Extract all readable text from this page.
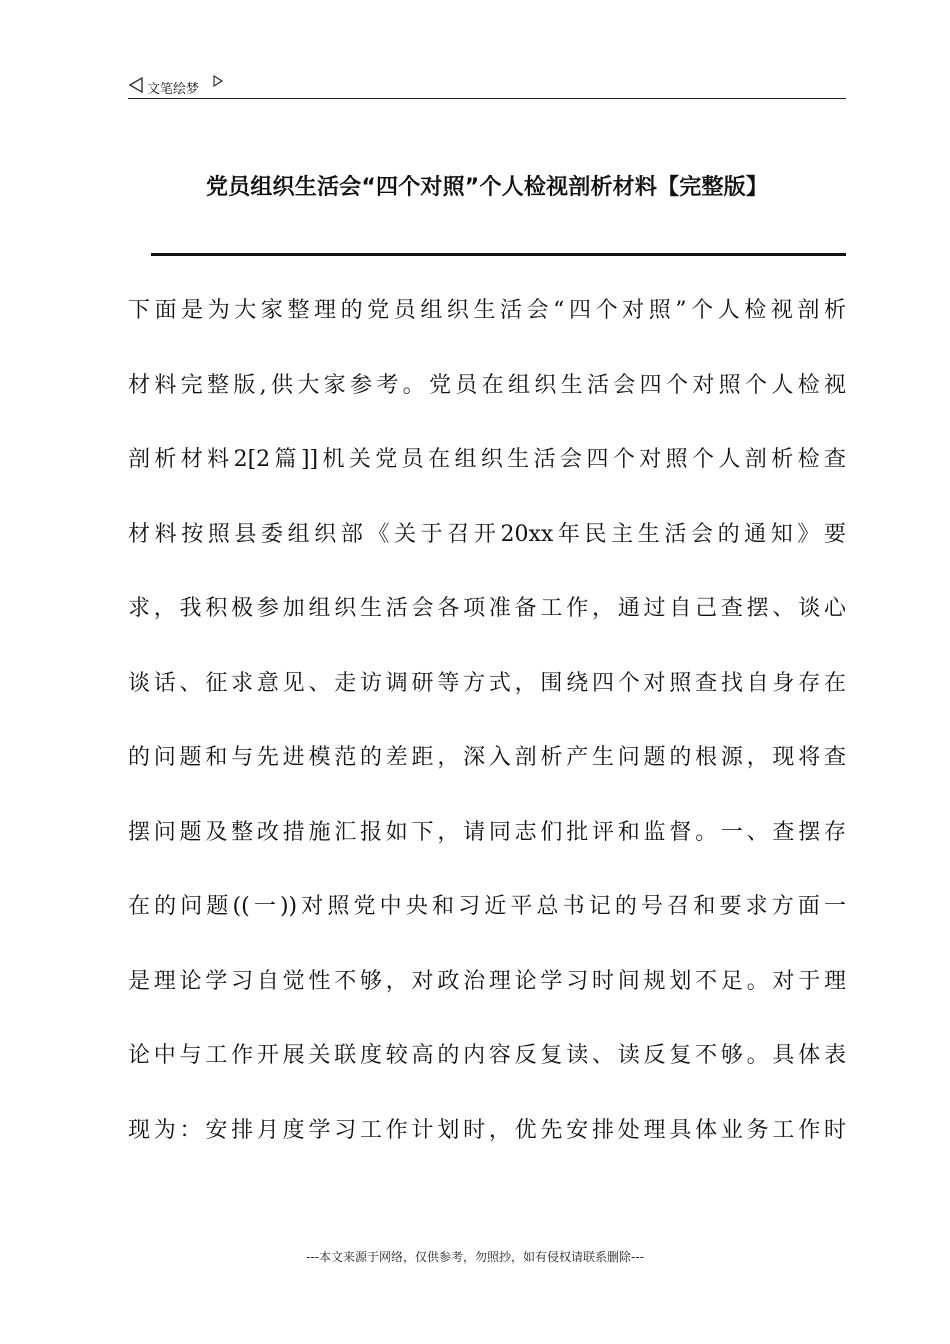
文笔绘梦
党员组织生活会“四个对照”个人检视剖析材料【完整版】
下面是为大家整理的党员组织生活会“四个对照”个人检视剖析
材料完整版,供大家参考。党员在组织生活会四个对照个人检视
剖析材料2[2篇]]机关党员在组织生活会四个对照个人剖析检查
材料按照县委组织部《关于召开20xx年民主生活会的通知》要
求，我积极参加组织生活会各项准备工作，通过自己查摆、谈心
谈话、征求意见、走访调研等方式，围绕四个对照查找自身存在
的问题和与先进模范的差距，深入剖析产生问题的根源，现将查
摆问题及整改措施汇报如下，请同志们批评和监督。一、查摆存
在的问题((一))对照党中央和习近平总书记的号召和要求方面一
是理论学习自觉性不够，对政治理论学习时间规划不足。对于理
论中与工作开展关联度较高的内容反复读、读反复不够。具体表
现为：安排月度学习工作计划时，优先安排处理具体业务工作时
---本文来源于网络，仅供参考，勿照抄，如有侵权请联系删除---
